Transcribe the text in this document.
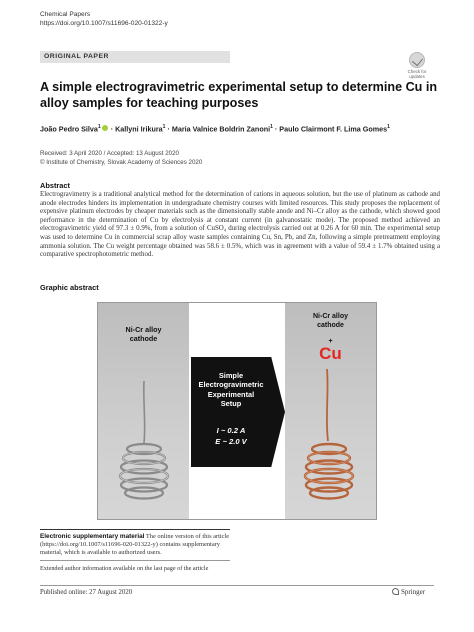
Chemical Papers
https://doi.org/10.1007/s11696-020-01322-y
ORIGINAL PAPER
Check for
updates
A simple electrogravimetric experimental setup to determine Cu in alloy samples for teaching purposes
João Pedro Silva$^1$ · Kallyni Irikura$^1$ · Maria Valnice Boldrin Zanoni$^1$ · Paulo Clairmont F. Lima Gomes$^1$
Received: 3 April 2020 / Accepted: 13 August 2020
© Institute of Chemistry, Slovak Academy of Sciences 2020
Abstract
Electrogravimetry is a traditional analytical method for the determination of cations in aqueous solution, but the use of platinum as cathode and anode electrodes hinders its implementation in undergraduate chemistry courses with limited resources. This study proposes the replacement of expensive platinum electrodes by cheaper materials such as the dimensionally stable anode and Ni–Cr alloy as the cathode, which showed good performance in the determination of Cu by electrolysis at constant current (in galvanostatic mode). The proposed method achieved an electrogravimetric yield of 97.3 ± 0.9%, from a solution of CuSO₄ during electrolysis carried out at 0.26 A for 60 min. The experimental setup was used to determine Cu in commercial scrap alloy waste samples containing Cu, Sn, Pb, and Zn, following a simple pretreatment employing ammonia solution. The Cu weight percentage obtained was 58.6 ± 0.5%, which was in agreement with a value of 59.4 ± 1.7% obtained using a comparative spectrophotometric method.
Graphic abstract
Ni-Cr alloy
cathode
Simple
Electrogravimetric
Experimental
Setup
I ~ 0.2 A
E ~ 2.0 V
Ni-Cr alloy
cathode
+
Cu
Electronic supplementary material The online version of this article (https://doi.org/10.1007/s11696-020-01322-y) contains supplementary material, which is available to authorized users.
Extended author information available on the last page of the article
Published online: 27 August 2020	Springer
